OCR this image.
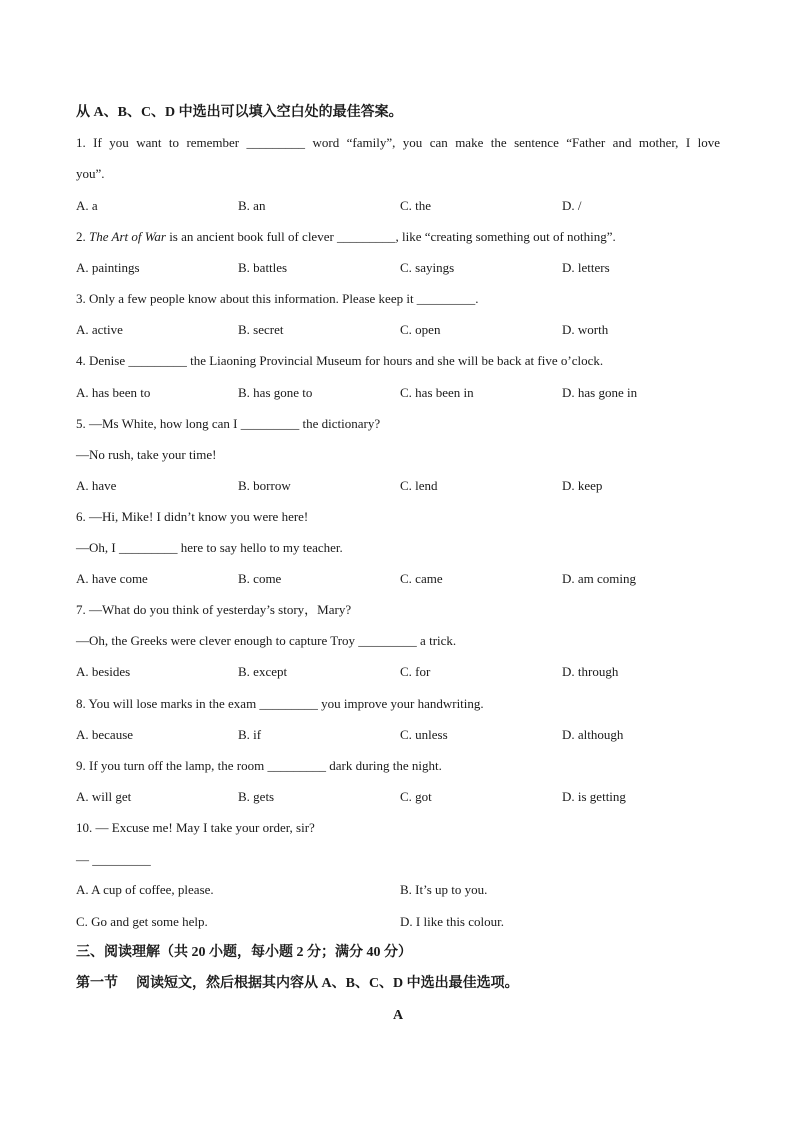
从 A、B、C、D 中选出可以填入空白处的最佳答案。
1. If you want to remember _________ word “family”, you can make the sentence “Father and mother, I love
you”.
A. a	B. an	C. the	D. /
2. The Art of War is an ancient book full of clever _________, like “creating something out of nothing”.
A. paintings	B. battles	C. sayings	D. letters
3. Only a few people know about this information. Please keep it _________.
A. active	B. secret	C. open	D. worth
4. Denise _________ the Liaoning Provincial Museum for hours and she will be back at five o’clock.
A. has been to	B. has gone to	C. has been in	D. has gone in
5. —Ms White, how long can I _________ the dictionary?
—No rush, take your time!
A. have	B. borrow	C. lend	D. keep
6. —Hi, Mike! I didn’t know you were here!
—Oh, I _________ here to say hello to my teacher.
A. have come	B. come	C. came	D. am coming
7. —What do you think of yesterday’s story，Mary?
—Oh, the Greeks were clever enough to capture Troy _________ a trick.
A. besides	B. except	C. for	D. through
8. You will lose marks in the exam _________ you improve your handwriting.
A. because	B. if	C. unless	D. although
9. If you turn off the lamp, the room _________ dark during the night.
A. will get	B. gets	C. got	D. is getting
10. — Excuse me! May I take your order, sir?
— _________
A. A cup of coffee, please.	B. It’s up to you.
C. Go and get some help.	D. I like this colour.
三、阅读理解（共 20 小题，每小题 2 分；满分 40 分）
第一节 阅读短文，然后根据其内容从 A、B、C、D 中选出最佳选项。
A
